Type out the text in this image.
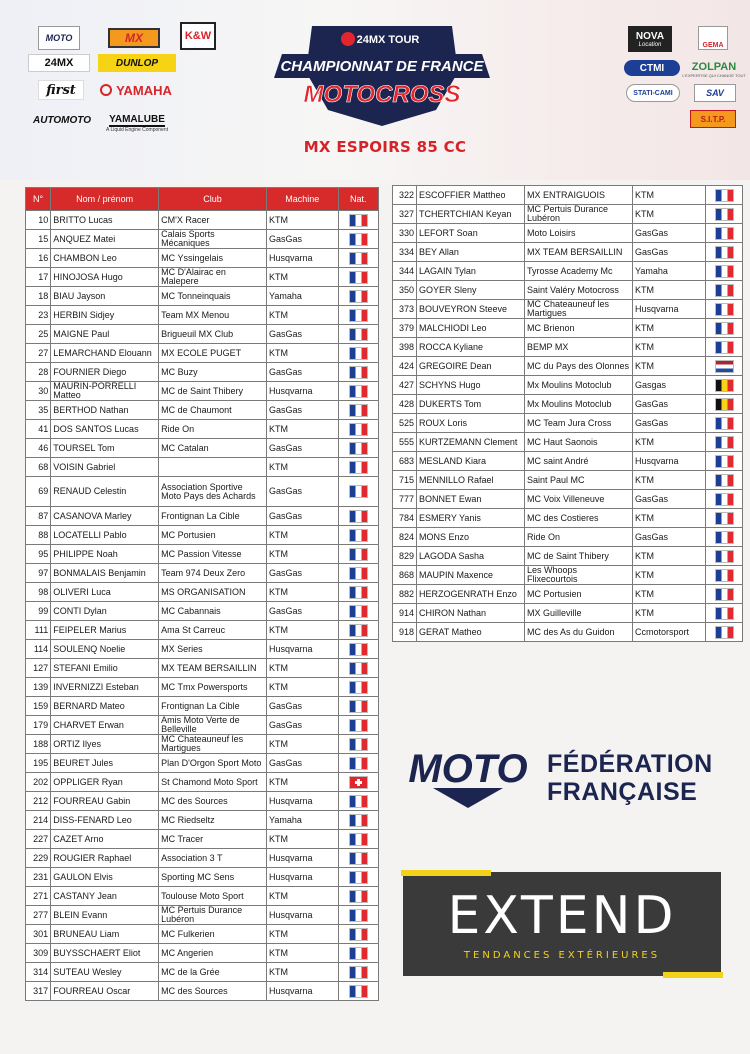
MOTO	MX	K&W
24MX	DUNLOP
first	YAMAHA
AUTOMOTO	YAMALUBE
A Liquid Engine Component
24MX TOUR
CHAMPIONNAT DE FRANCE
MOTOCROSS
MX ESPOIRS 85 CC
NOVA
Location	GEMA
CTMI	ZOLPAN
L'EXPERTISE QUI CHANGE TOUT
STATI-CAMI	SAV
S.I.T.P.
N°	Nom / prénom	Club	Machine	Nat.
10	BRITTO Lucas	CM'X Racer	KTM	
15	ANQUEZ Matei	Calais Sports Mécaniques	GasGas	
16	CHAMBON Leo	MC Yssingelais	Husqvarna	
17	HINOJOSA Hugo	MC D'Alairac en Malepere	KTM	
18	BIAU Jayson	MC Tonneinquais	Yamaha	
23	HERBIN Sidjey	Team MX Menou	KTM	
25	MAIGNE Paul	Brigueuil MX Club	GasGas	
27	LEMARCHAND Elouann	MX ECOLE PUGET	KTM	
28	FOURNIER Diego	MC Buzy	GasGas	
30	MAURIN-PORRELLI Matteo	MC de Saint Thibery	Husqvarna	
35	BERTHOD Nathan	MC de Chaumont	GasGas	
41	DOS SANTOS Lucas	Ride On	KTM	
46	TOURSEL Tom	MC Catalan	GasGas	
68	VOISIN Gabriel		KTM	
69	RENAUD Celestin	Association Sportive Moto Pays des Achards	GasGas	
87	CASANOVA Marley	Frontignan La Cible	GasGas	
88	LOCATELLI Pablo	MC Portusien	KTM	
95	PHILIPPE Noah	MC Passion Vitesse	KTM	
97	BONMALAIS Benjamin	Team 974 Deux Zero	GasGas	
98	OLIVERI Luca	MS ORGANISATION	KTM	
99	CONTI Dylan	MC Cabannais	GasGas	
111	FEIPELER Marius	Ama St Carreuc	KTM	
114	SOULENQ Noelie	MX Series	Husqvarna	
127	STEFANI Emilio	MX TEAM BERSAILLIN	KTM	
139	INVERNIZZI Esteban	MC Tmx Powersports	KTM	
159	BERNARD Mateo	Frontignan La Cible	GasGas	
179	CHARVET Erwan	Amis Moto Verte de Belleville	GasGas	
188	ORTIZ Ilyes	MC Chateauneuf les Martigues	KTM	
195	BEURET Jules	Plan D'Orgon Sport Moto	GasGas	
202	OPPLIGER Ryan	St Chamond Moto Sport	KTM	
212	FOURREAU Gabin	MC des Sources	Husqvarna	
214	DISS-FENARD Leo	MC Riedseltz	Yamaha	
227	CAZET Arno	MC Tracer	KTM	
229	ROUGIER Raphael	Association 3 T	Husqvarna	
231	GAULON Elvis	Sporting MC Sens	Husqvarna	
271	CASTANY Jean	Toulouse Moto Sport	KTM	
277	BLEIN Evann	MC Pertuis Durance Lubéron	Husqvarna	
301	BRUNEAU Liam	MC Fulkerien	KTM	
309	BUYSSCHAERT Eliot	MC Angerien	KTM	
314	SUTEAU Wesley	MC de la Grée	KTM	
317	FOURREAU Oscar	MC des Sources	Husqvarna	
322	ESCOFFIER Mattheo	MX ENTRAIGUOIS	KTM	
327	TCHERTCHIAN Keyan	MC Pertuis Durance Lubéron	KTM	
330	LEFORT Soan	Moto Loisirs	GasGas	
334	BEY Allan	MX TEAM BERSAILLIN	GasGas	
344	LAGAIN Tylan	Tyrosse Academy Mc	Yamaha	
350	GOYER Sleny	Saint Valéry Motocross	KTM	
373	BOUVEYRON Steeve	MC Chateauneuf les Martigues	Husqvarna	
379	MALCHIODI Leo	MC Brienon	KTM	
398	ROCCA Kyliane	BEMP MX	KTM	
424	GREGOIRE Dean	MC du Pays des Olonnes	KTM	
427	SCHYNS Hugo	Mx Moulins Motoclub	Gasgas	
428	DUKERTS Tom	Mx Moulins Motoclub	GasGas	
525	ROUX Loris	MC Team Jura Cross	GasGas	
555	KURTZEMANN Clement	MC Haut Saonois	KTM	
683	MESLAND Kiara	MC saint André	Husqvarna	
715	MENNILLO Rafael	Saint Paul MC	KTM	
777	BONNET Ewan	MC Voix Villeneuve	GasGas	
784	ESMERY Yanis	MC des Costieres	KTM	
824	MONS Enzo	Ride On	GasGas	
829	LAGODA Sasha	MC de Saint Thibery	KTM	
868	MAUPIN Maxence	Les Whoops Flixecourtois	KTM	
882	HERZOGENRATH Enzo	MC Portusien	KTM	
914	CHIRON Nathan	MX Guilleville	KTM	
918	GERAT Matheo	MC des As du Guidon	Ccmotorsport	
MOTO FÉDÉRATION
FRANÇAISE
EXTEND
TENDANCES EXTÉRIEURES
